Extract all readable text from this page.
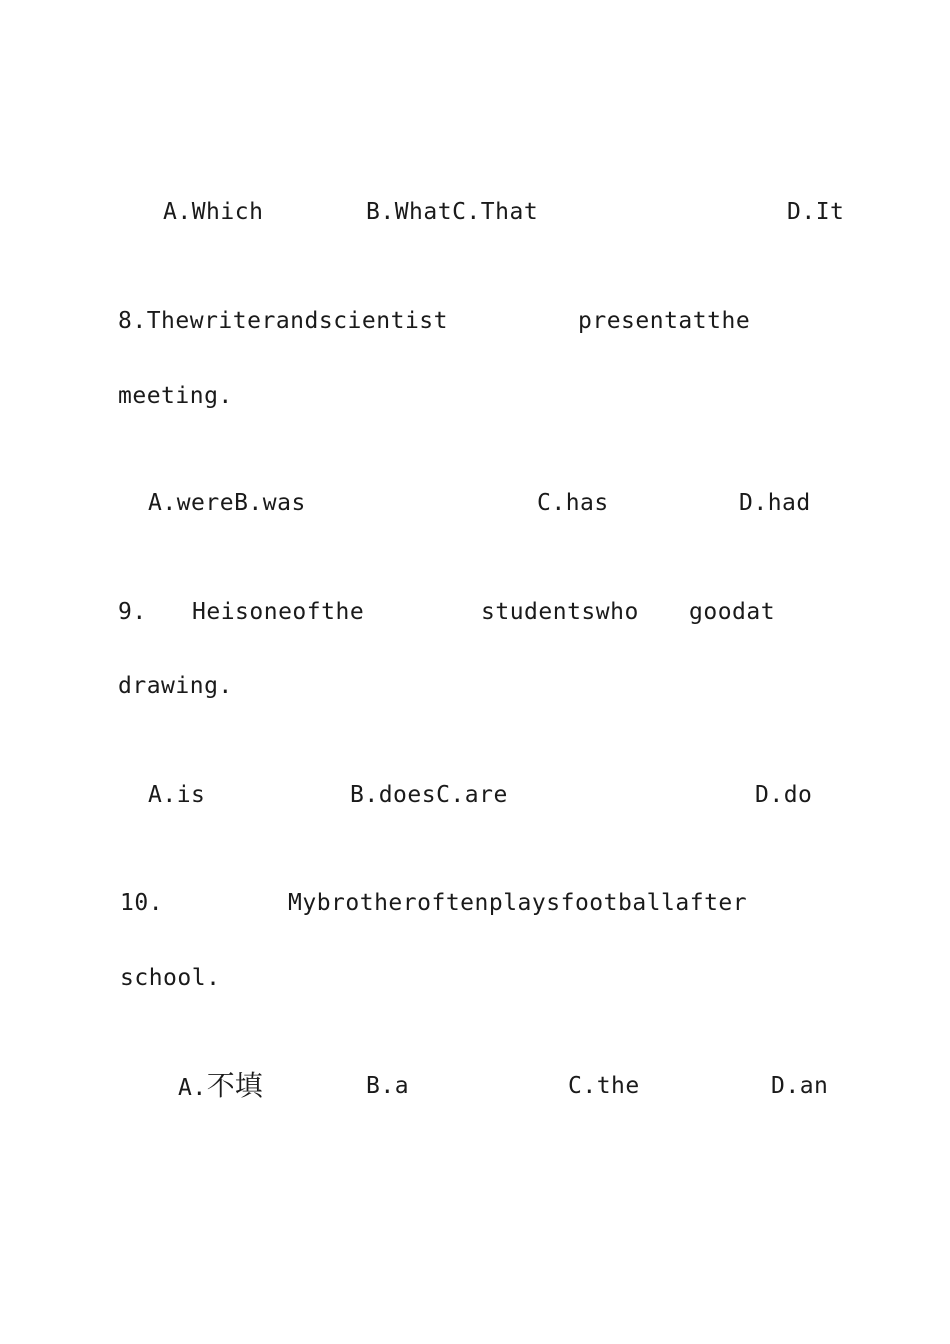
A.Which	B.WhatC.That	D.It
8.Thewriterandscientist	presentatthe
meeting.
A.wereB.was	C.has	D.had
9. Heisoneofthe	studentswho goodat
drawing.
A.is	B.doesC.are	D.do
10.	Mybrotheroftenplaysfootballafter
school.
A.不填	B.a	C.the	D.an
